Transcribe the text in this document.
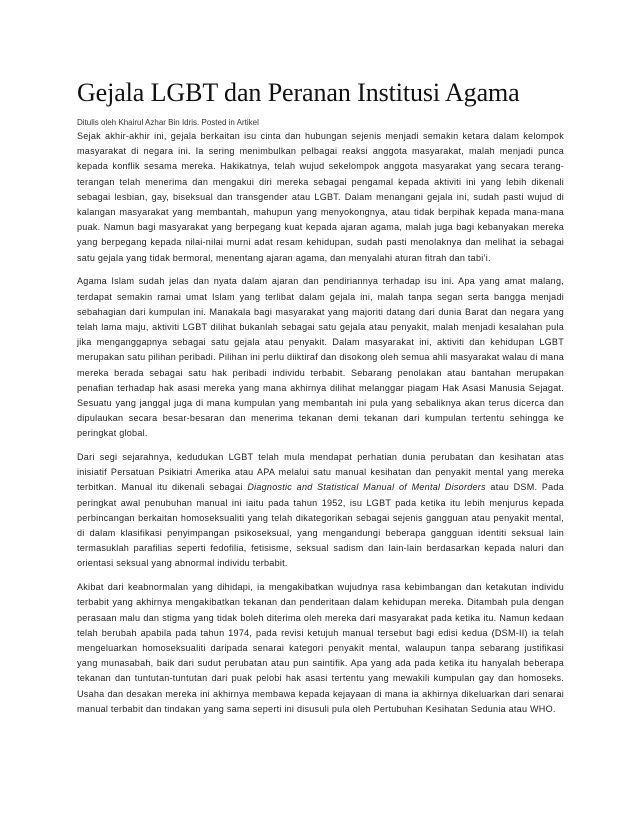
Gejala LGBT dan Peranan Institusi Agama
Ditulis oleh Khairul Azhar Bin Idris. Posted in Artikel

Sejak akhir-akhir ini, gejala berkaitan isu cinta dan hubungan sejenis menjadi semakin ketara dalam kelompok masyarakat di negara ini. Ia sering menimbulkan pelbagai reaksi anggota masyarakat, malah menjadi punca kepada konflik sesama mereka. Hakikatnya, telah wujud sekelompok anggota masyarakat yang secara terang-terangan telah menerima dan mengakui diri mereka sebagai pengamal kepada aktiviti ini yang lebih dikenali sebagai lesbian, gay, biseksual dan transgender atau LGBT. Dalam menangani gejala ini, sudah pasti wujud di kalangan masyarakat yang membantah, mahupun yang menyokongnya, atau tidak berpihak kepada mana-mana puak. Namun bagi masyarakat yang berpegang kuat kepada ajaran agama, malah juga bagi kebanyakan mereka yang berpegang kepada nilai-nilai murni adat resam kehidupan, sudah pasti menolaknya dan melihat ia sebagai satu gejala yang tidak bermoral, menentang ajaran agama, dan menyalahi aturan fitrah dan tabi’i.

Agama Islam sudah jelas dan nyata dalam ajaran dan pendiriannya terhadap isu ini. Apa yang amat malang, terdapat semakin ramai umat Islam yang terlibat dalam gejala ini, malah tanpa segan serta bangga menjadi sebahagian dari kumpulan ini. Manakala bagi masyarakat yang majoriti datang dari dunia Barat dan negara yang telah lama maju, aktiviti LGBT dilihat bukanlah sebagai satu gejala atau penyakit, malah menjadi kesalahan pula jika menganggapnya sebagai satu gejala atau penyakit. Dalam masyarakat ini, aktiviti dan kehidupan LGBT merupakan satu pilihan peribadi. Pilihan ini perlu diiktiraf dan disokong oleh semua ahli masyarakat walau di mana mereka berada sebagai satu hak peribadi individu terbabit. Sebarang penolakan atau bantahan merupakan penafian terhadap hak asasi mereka yang mana akhirnya dilihat melanggar piagam Hak Asasi Manusia Sejagat. Sesuatu yang janggal juga di mana kumpulan yang membantah ini pula yang sebaliknya akan terus dicerca dan dipulaukan secara besar-besaran dan menerima tekanan demi tekanan dari kumpulan tertentu sehingga ke peringkat global.

Dari segi sejarahnya, kedudukan LGBT telah mula mendapat perhatian dunia perubatan dan kesihatan atas inisiatif Persatuan Psikiatri Amerika atau APA melalui satu manual kesihatan dan penyakit mental yang mereka terbitkan. Manual itu dikenali sebagai Diagnostic and Statistical Manual of Mental Disorders atau DSM. Pada peringkat awal penubuhan manual ini iaitu pada tahun 1952, isu LGBT pada ketika itu lebih menjurus kepada perbincangan berkaitan homoseksualiti yang telah dikategorikan sebagai sejenis gangguan atau penyakit mental, di dalam klasifikasi penyimpangan psikoseksual, yang mengandungi beberapa gangguan identiti seksual lain termasuklah parafilias seperti fedofilia, fetisisme, seksual sadism dan lain-lain berdasarkan kepada naluri dan orientasi seksual yang abnormal individu terbabit.

Akibat dari keabnormalan yang dihidapi, ia mengakibatkan wujudnya rasa kebimbangan dan ketakutan individu terbabit yang akhirnya mengakibatkan tekanan dan penderitaan dalam kehidupan mereka. Ditambah pula dengan perasaan malu dan stigma yang tidak boleh diterima oleh mereka dari masyarakat pada ketika itu. Namun kedaan telah berubah apabila pada tahun 1974, pada revisi ketujuh manual tersebut bagi edisi kedua (DSM-II) ia telah mengeluarkan homoseksualiti daripada senarai kategori penyakit mental, walaupun tanpa sebarang justifikasi yang munasabah, baik dari sudut perubatan atau pun saintifik. Apa yang ada pada ketika itu hanyalah beberapa tekanan dan tuntutan-tuntutan dari puak pelobi hak asasi tertentu yang mewakili kumpulan gay dan homoseks. Usaha dan desakan mereka ini akhirnya membawa kepada kejayaan di mana ia akhirnya dikeluarkan dari senarai manual terbabit dan tindakan yang sama seperti ini disusuli pula oleh Pertubuhan Kesihatan Sedunia atau WHO.
